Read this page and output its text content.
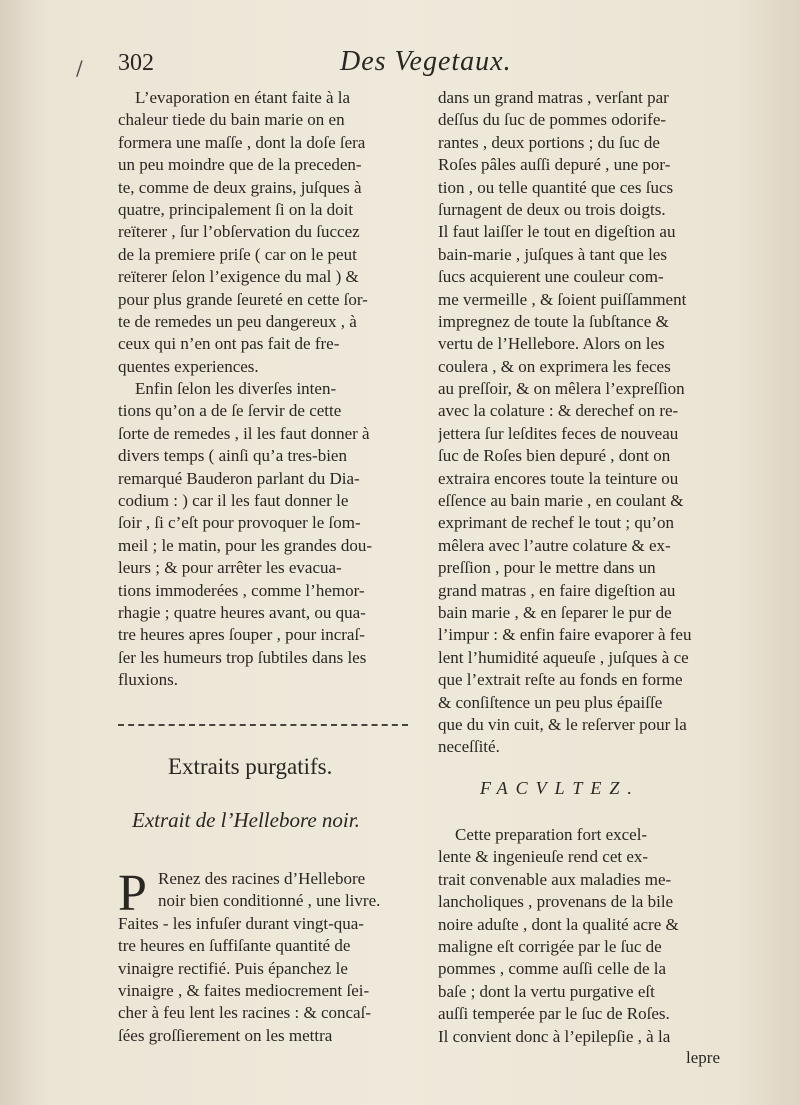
/ 302	Des Vegetaux.
L’evaporation en étant faite à la
chaleur tiede du bain marie on en
formera une maſſe , dont la doſe ſera
un peu moindre que de la preceden-
te, comme de deux grains, juſques à
quatre, principalement ſi on la doit
reïterer , ſur l’obſervation du ſuccez
de la premiere priſe ( car on le peut
reïterer ſelon l’exigence du mal ) &
pour plus grande ſeureté en cette ſor-
te de remedes un peu dangereux , à
ceux qui n’en ont pas fait de fre-
quentes experiences.
Enfin ſelon les diverſes inten-
tions qu’on a de ſe ſervir de cette
ſorte de remedes , il les faut donner à
divers temps ( ainſi qu’a tres-bien
remarqué Bauderon parlant du Dia-
codium : ) car il les faut donner le
ſoir , ſi c’eſt pour provoquer le ſom-
meil ; le matin, pour les grandes dou-
leurs ; & pour arrêter les evacua-
tions immoderées , comme l’hemor-
rhagie ; quatre heures avant, ou qua-
tre heures apres ſouper , pour incraſ-
ſer les humeurs trop ſubtiles dans les
fluxions.
Extraits purgatifs.
Extrait de l’Hellebore noir.
P Renez des racines d’Hellebore
noir bien conditionné , une livre.
Faites - les infuſer durant vingt-qua-
tre heures en ſuffiſante quantité de
vinaigre rectifié. Puis épanchez le
vinaigre , & faites mediocrement ſei-
cher à feu lent les racines : & concaſ-
ſées groſſierement on les mettra
dans un grand matras , verſant par
deſſus du ſuc de pommes odorife-
rantes , deux portions ; du ſuc de
Roſes pâles auſſi depuré , une por-
tion , ou telle quantité que ces ſucs
ſurnagent de deux ou trois doigts.
Il faut laiſſer le tout en digeſtion au
bain-marie , juſques à tant que les
ſucs acquierent une couleur com-
me vermeille , & ſoient puiſſamment
impregnez de toute la ſubſtance &
vertu de l’Hellebore. Alors on les
coulera , & on exprimera les feces
au preſſoir, & on mêlera l’expreſſion
avec la colature : & derechef on re-
jettera ſur leſdites feces de nouveau
ſuc de Roſes bien depuré , dont on
extraira encores toute la teinture ou
eſſence au bain marie , en coulant &
exprimant de rechef le tout ; qu’on
mêlera avec l’autre colature & ex-
preſſion , pour le mettre dans un
grand matras , en faire digeſtion au
bain marie , & en ſeparer le pur de
l’impur : & enfin faire evaporer à feu
lent l’humidité aqueuſe , juſques à ce
que l’extrait reſte au fonds en forme
& conſiſtence un peu plus épaiſſe
que du vin cuit, & le reſerver pour la
neceſſité.
FACVLTEZ.
Cette preparation fort excel-
lente & ingenieuſe rend cet ex-
trait convenable aux maladies me-
lancholiques , provenans de la bile
noire aduſte , dont la qualité acre &
maligne eſt corrigée par le ſuc de
pommes , comme auſſi celle de la
baſe ; dont la vertu purgative eſt
auſſi temperée par le ſuc de Roſes.
Il convient donc à l’epilepſie , à la
lepre
